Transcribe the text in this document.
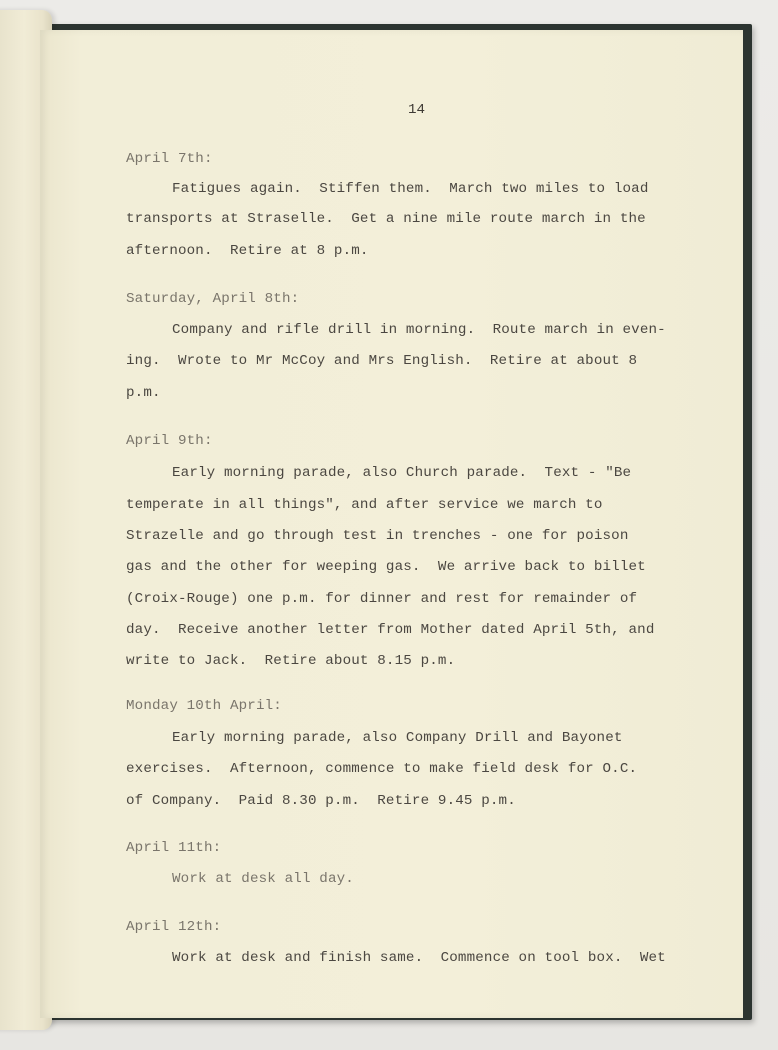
14

April 7th:

Fatigues again.  Stiffen them.  March two miles to load

transports at Straselle.  Get a nine mile route march in the

afternoon.  Retire at 8 p.m.

Saturday, April 8th:

Company and rifle drill in morning.  Route march in even-

ing.  Wrote to Mr McCoy and Mrs English.  Retire at about 8

p.m.

April 9th:

Early morning parade, also Church parade.  Text - "Be

temperate in all things", and after service we march to

Strazelle and go through test in trenches - one for poison

gas and the other for weeping gas.  We arrive back to billet

(Croix-Rouge) one p.m. for dinner and rest for remainder of

day.  Receive another letter from Mother dated April 5th, and

write to Jack.  Retire about 8.15 p.m.

Monday 10th April:

Early morning parade, also Company Drill and Bayonet

exercises.  Afternoon, commence to make field desk for O.C.

of Company.  Paid 8.30 p.m.  Retire 9.45 p.m.

April 11th:

Work at desk all day.

April 12th:

Work at desk and finish same.  Commence on tool box.  Wet
